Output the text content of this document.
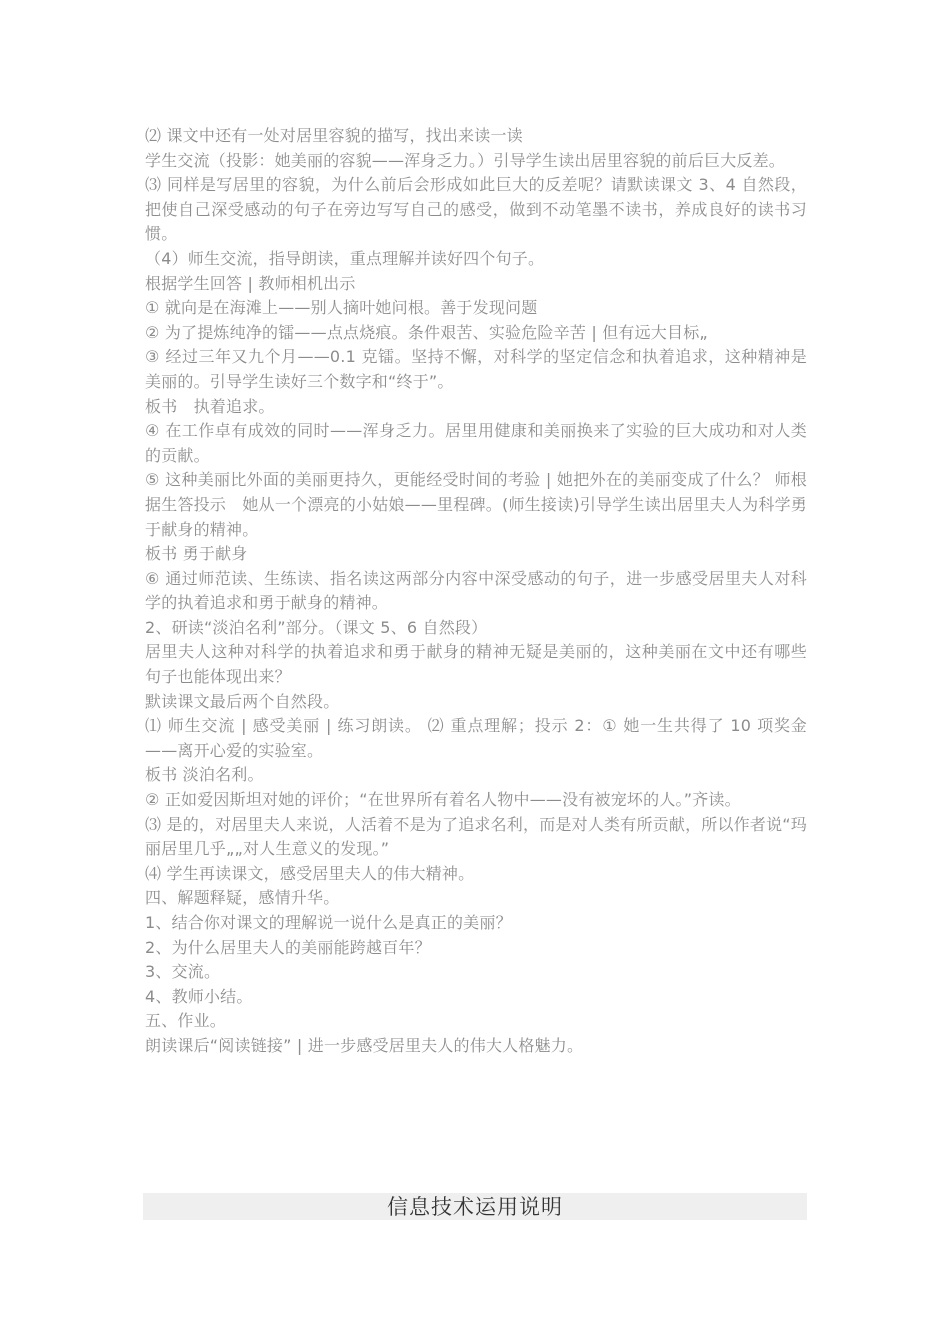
⑵ 课文中还有一处对居里容貌的描写，找出来读一读

学生交流（投影：她美丽的容貌——浑身乏力。）引导学生读出居里容貌的前后巨大反差。

⑶ 同样是写居里的容貌，为什么前后会形成如此巨大的反差呢？请默读课文 3、4 自然段，把使自己深受感动的句子在旁边写写自己的感受，做到不动笔墨不读书，养成良好的读书习惯。

（4）师生交流，指导朗读，重点理解并读好四个句子。

根据学生回答 | 教师相机出示

① 就向是在海滩上——别人摘叶她问根。善于发现问题

② 为了提炼纯净的镭——点点烧痕。条件艰苦、实验危险辛苦 | 但有远大目标„

③ 经过三年又九个月——0.1 克镭。坚持不懈，对科学的坚定信念和执着追求，这种精神是美丽的。引导学生读好三个数字和“终于”。

板书　执着追求。

④ 在工作卓有成效的同时——浑身乏力。居里用健康和美丽换来了实验的巨大成功和对人类的贡献。

⑤ 这种美丽比外面的美丽更持久，更能经受时间的考验 | 她把外在的美丽变成了什么？ 师根据生答投示　她从一个漂亮的小姑娘——里程碑。(师生接读)引导学生读出居里夫人为科学勇于献身的精神。

板书 勇于献身

⑥ 通过师范读、生练读、指名读这两部分内容中深受感动的句子，进一步感受居里夫人对科学的执着追求和勇于献身的精神。

2、研读“淡泊名利”部分。（课文 5、6 自然段）

居里夫人这种对科学的执着追求和勇于献身的精神无疑是美丽的，这种美丽在文中还有哪些句子也能体现出来？

默读课文最后两个自然段。

⑴ 师生交流 | 感受美丽 | 练习朗读。 ⑵ 重点理解；投示 2：① 她一生共得了 10 项奖金——离开心爱的实验室。

板书 淡泊名利。

② 正如爱因斯坦对她的评价；“在世界所有着名人物中——没有被宠坏的人。”齐读。

⑶ 是的，对居里夫人来说，人活着不是为了追求名利，而是对人类有所贡献，所以作者说“玛丽居里几乎„„对人生意义的发现。”

⑷ 学生再读课文，感受居里夫人的伟大精神。

四、解题释疑，感情升华。

1、结合你对课文的理解说一说什么是真正的美丽？

2、为什么居里夫人的美丽能跨越百年？

3、交流。

4、教师小结。

五、作业。

朗读课后“阅读链接” | 进一步感受居里夫人的伟大人格魅力。

信息技术运用说明
